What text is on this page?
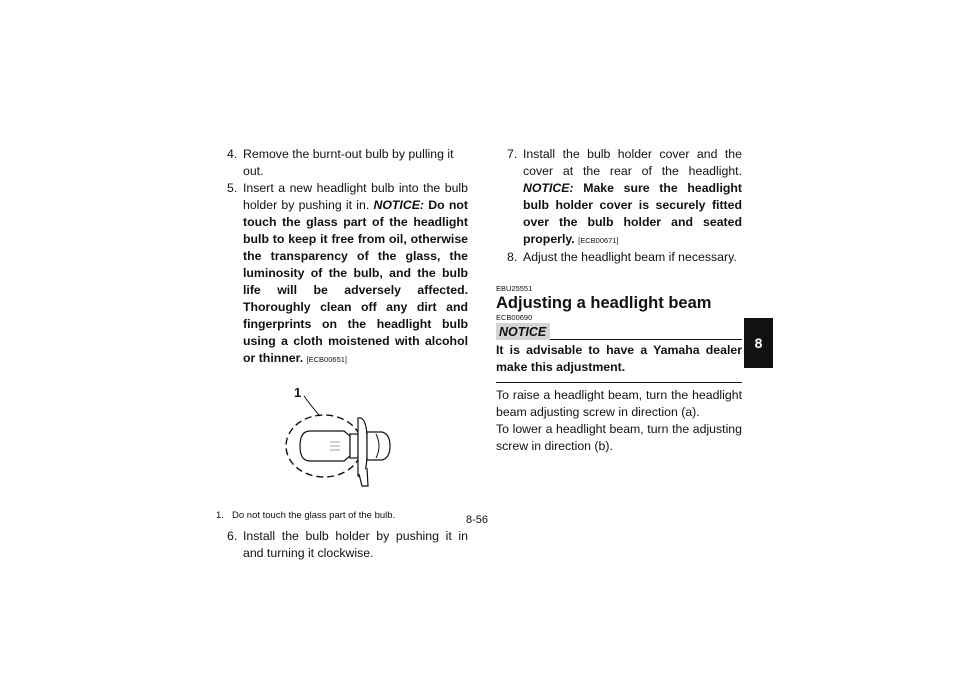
4. Remove the burnt-out bulb by pulling it out.
5. Insert a new headlight bulb into the bulb holder by pushing it in. NOTICE: Do not touch the glass part of the headlight bulb to keep it free from oil, otherwise the transparency of the glass, the luminosity of the bulb, and the bulb life will be adversely affected. Thoroughly clean off any dirt and fingerprints on the headlight bulb using a cloth moistened with alcohol or thinner. [ECB00651]
1
1. Do not touch the glass part of the bulb.
6. Install the bulb holder by pushing it in and turning it clockwise.
7. Install the bulb holder cover and the cover at the rear of the headlight. NOTICE: Make sure the headlight bulb holder cover is securely fitted over the bulb holder and seated properly. [ECB00671]
8. Adjust the headlight beam if necessary.
EBU25551
Adjusting a headlight beam
ECB00690
NOTICE
It is advisable to have a Yamaha dealer make this adjustment.
To raise a headlight beam, turn the headlight beam adjusting screw in direction (a).
To lower a headlight beam, turn the adjusting screw in direction (b).
8
8-56
